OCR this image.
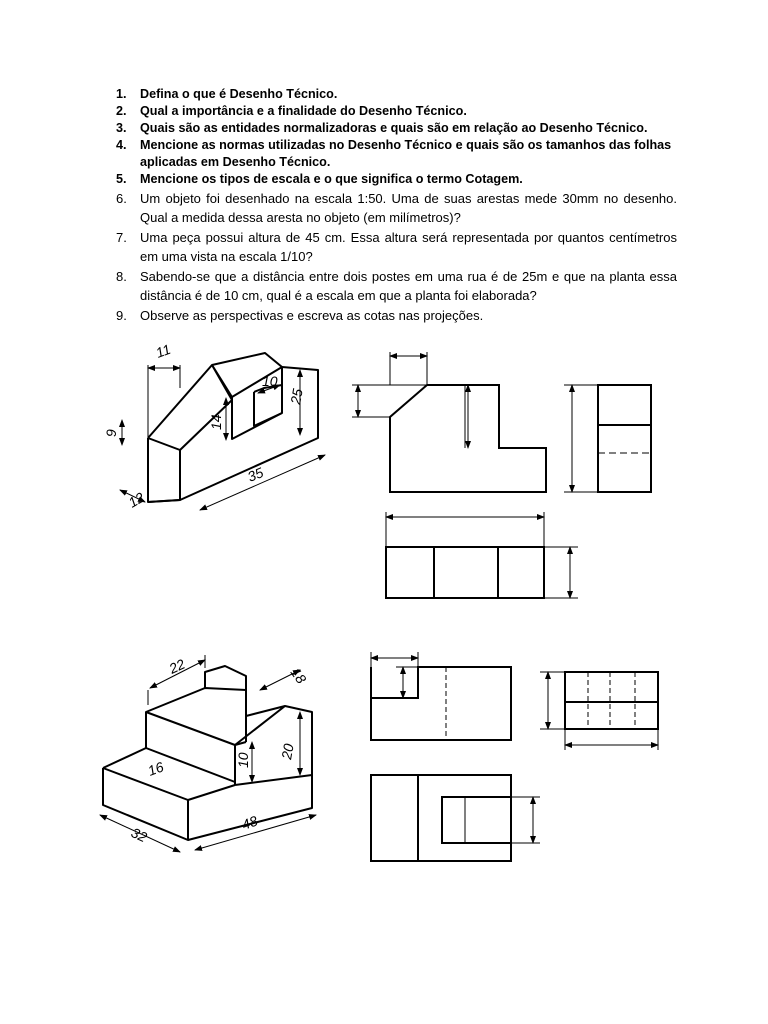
1. Defina o que é Desenho Técnico.
2. Qual a importância e a finalidade do Desenho Técnico.
3. Quais são as entidades normalizadoras e quais são em relação ao Desenho Técnico.
4. Mencione as normas utilizadas no Desenho Técnico e quais são os tamanhos das folhas aplicadas em Desenho Técnico.
5. Mencione os tipos de escala e o que significa o termo Cotagem.
6. Um objeto foi desenhado na escala 1:50. Uma de suas arestas mede 30mm no desenho. Qual a medida dessa aresta no objeto (em milímetros)?
7. Uma peça possui altura de 45 cm. Essa altura será representada por quantos centímetros em uma vista na escala 1/10?
8. Sabendo-se que a distância entre dois postes em uma rua é de 25m e que na planta essa distância é de 10 cm, qual é a escala em que a planta foi elaborada?
9. Observe as perspectivas e escreva as cotas nas projeções.
11
10
25
14
9
12
35
22	18
20
10
16
32
48
